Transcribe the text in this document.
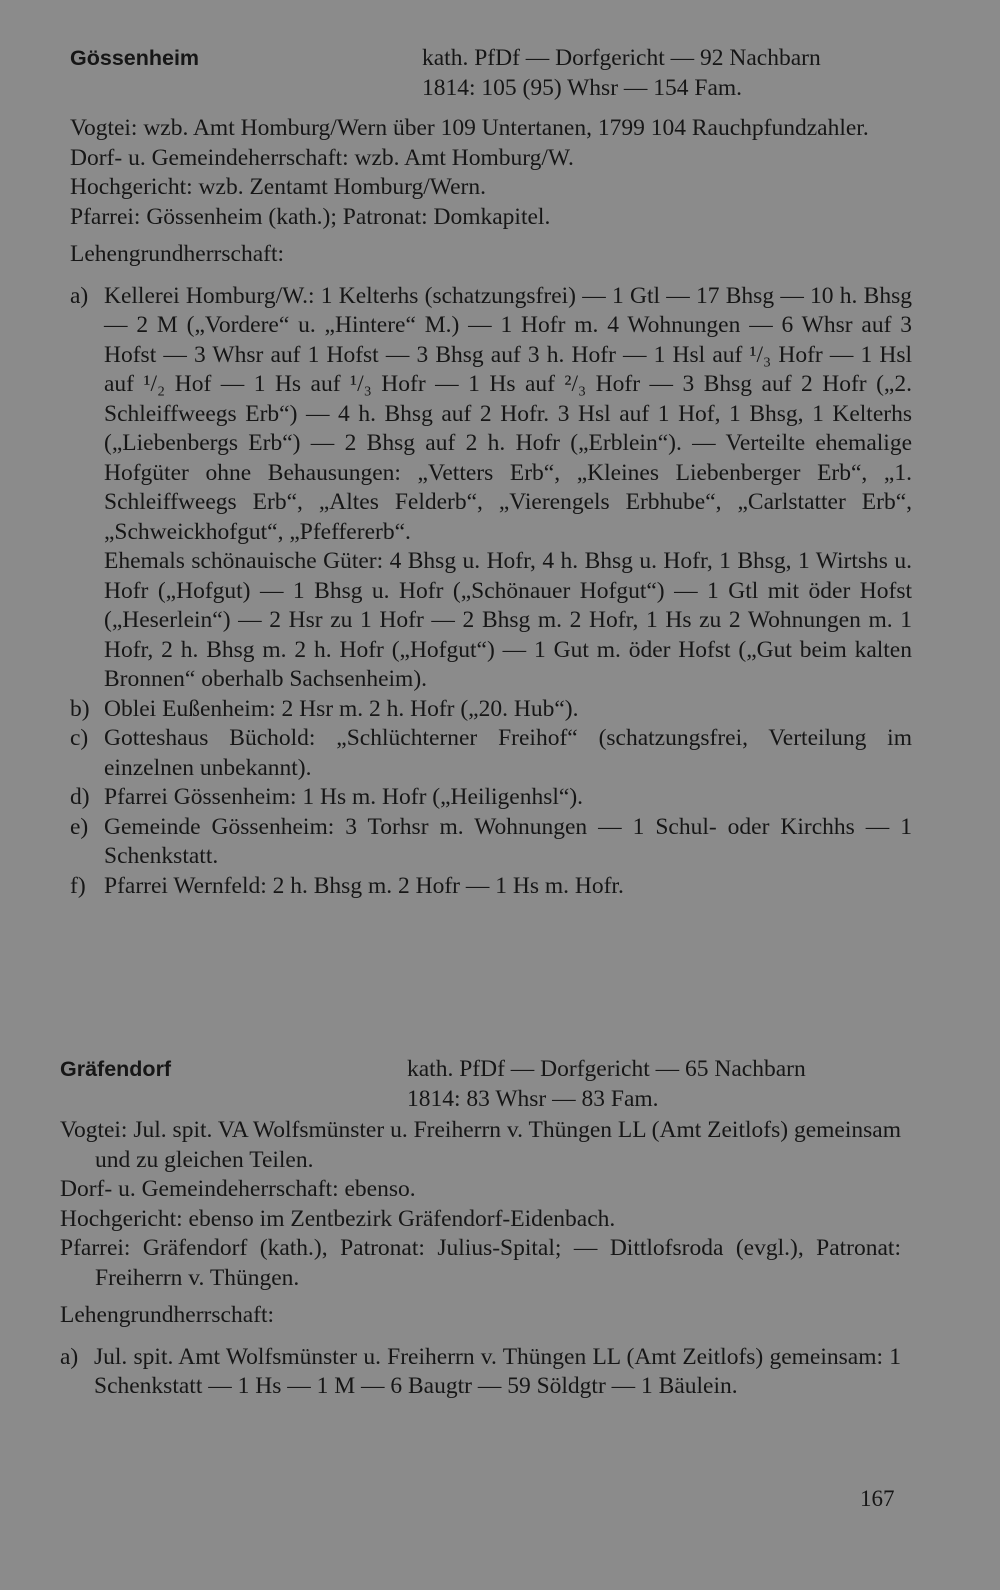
Gössenheim	kath. PfDf — Dorfgericht — 92 Nachbarn
1814: 105 (95) Whsr — 154 Fam.
Vogtei: wzb. Amt Homburg/Wern über 109 Untertanen, 1799 104 Rauchpfundzahler.
Dorf- u. Gemeindeherrschaft: wzb. Amt Homburg/W.
Hochgericht: wzb. Zentamt Homburg/Wern.
Pfarrei: Gössenheim (kath.); Patronat: Domkapitel.
Lehengrundherrschaft:
a) Kellerei Homburg/W.: 1 Kelterhs (schatzungsfrei) — 1 Gtl — 17 Bhsg — 10 h. Bhsg — 2 M („Vordere“ u. „Hintere“ M.) — 1 Hofr m. 4 Wohnungen — 6 Whsr auf 3 Hofst — 3 Whsr auf 1 Hofst — 3 Bhsg auf 3 h. Hofr — 1 Hsl auf ¹/₃ Hofr — 1 Hsl auf ¹/₂ Hof — 1 Hs auf ¹/₃ Hofr — 1 Hs auf ²/₃ Hofr — 3 Bhsg auf 2 Hofr („2. Schleiffweegs Erb“) — 4 h. Bhsg auf 2 Hofr. 3 Hsl auf 1 Hof, 1 Bhsg, 1 Kelterhs („Liebenbergs Erb“) — 2 Bhsg auf 2 h. Hofr („Erblein“). — Verteilte ehemalige Hofgüter ohne Behausungen: „Vetters Erb“, „Kleines Liebenberger Erb“, „1. Schleiffweegs Erb“, „Altes Felderb“, „Vierengels Erbhube“, „Carlstatter Erb“, „Schweickhofgut“, „Pfeffererb“.
Ehemals schönauische Güter: 4 Bhsg u. Hofr, 4 h. Bhsg u. Hofr, 1 Bhsg, 1 Wirtshs u. Hofr („Hofgut) — 1 Bhsg u. Hofr („Schönauer Hofgut“) — 1 Gtl mit öder Hofst („Heserlein“) — 2 Hsr zu 1 Hofr — 2 Bhsg m. 2 Hofr, 1 Hs zu 2 Wohnungen m. 1 Hofr, 2 h. Bhsg m. 2 h. Hofr („Hofgut“) — 1 Gut m. öder Hofst („Gut beim kalten Bronnen“ oberhalb Sachsenheim).
b) Oblei Eußenheim: 2 Hsr m. 2 h. Hofr („20. Hub“).
c) Gotteshaus Büchold: „Schlüchterner Freihof“ (schatzungsfrei, Verteilung im einzelnen unbekannt).
d) Pfarrei Gössenheim: 1 Hs m. Hofr („Heiligenhsl“).
e) Gemeinde Gössenheim: 3 Torhsr m. Wohnungen — 1 Schul- oder Kirchhs — 1 Schenkstatt.
f) Pfarrei Wernfeld: 2 h. Bhsg m. 2 Hofr — 1 Hs m. Hofr.
Gräfendorf	kath. PfDf — Dorfgericht — 65 Nachbarn
1814: 83 Whsr — 83 Fam.
Vogtei: Jul. spit. VA Wolfsmünster u. Freiherrn v. Thüngen LL (Amt Zeitlofs) gemeinsam und zu gleichen Teilen.
Dorf- u. Gemeindeherrschaft: ebenso.
Hochgericht: ebenso im Zentbezirk Gräfendorf-Eidenbach.
Pfarrei: Gräfendorf (kath.), Patronat: Julius-Spital; — Dittlofsroda (evgl.), Patronat: Freiherrn v. Thüngen.
Lehengrundherrschaft:
a) Jul. spit. Amt Wolfsmünster u. Freiherrn v. Thüngen LL (Amt Zeitlofs) gemeinsam: 1 Schenkstatt — 1 Hs — 1 M — 6 Baugtr — 59 Söldgtr — 1 Bäulein.
167
